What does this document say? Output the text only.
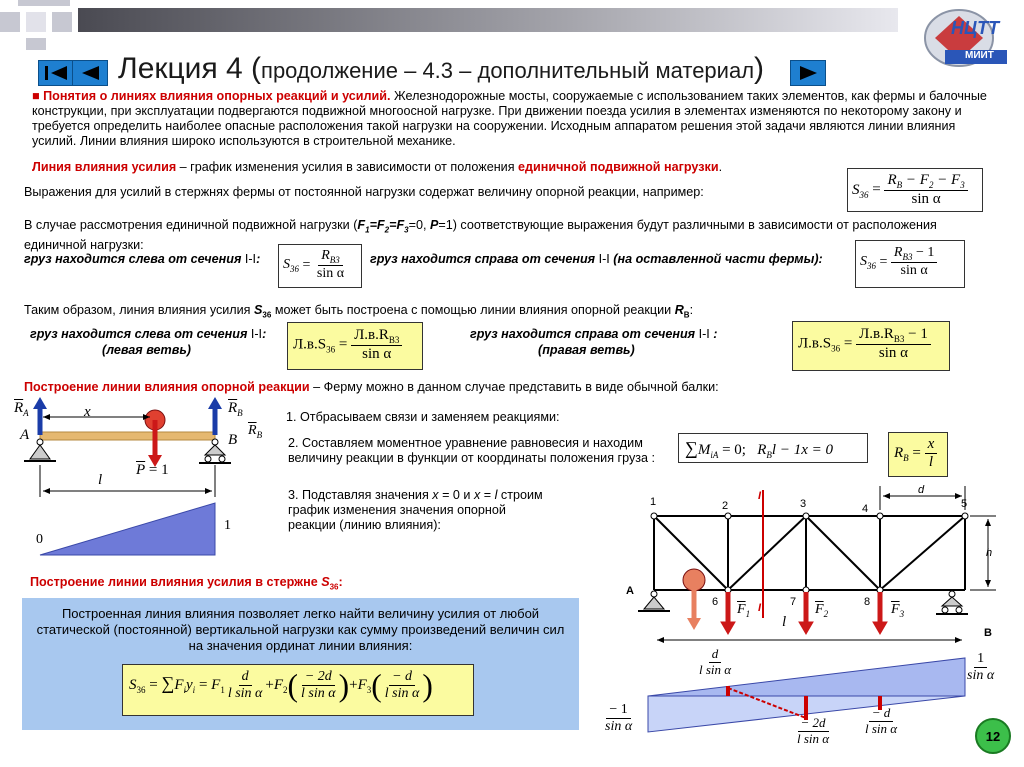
НЦТТ
МИИТ
Лекция 4 (продолжение – 4.3 – дополнительный материал)
■ Понятия о линиях влияния опорных реакций и усилий. Железнодорожные мосты, сооружаемые с использованием таких элементов, как фермы и балочные конструкции, при эксплуатации подвергаются подвижной многоосной нагрузке. При движении поезда усилия в элементах изменяются по некоторому закону и требуется определить наиболее опасные расположения такой нагрузки на сооружении. Исходным аппаратом решения этой задачи являются линии влияния усилий. Линии влияния широко используются в строительной механике.
Линия влияния усилия – график изменения усилия в зависимости от положения единичной подвижной нагрузки.
Выражения для усилий в стержнях фермы от постоянной нагрузки содержат величину опорной реакции, например:	$S_{36} = \frac{R_B - F_2 - F_3}{\text{sin α}}$
В случае рассмотрения единичной подвижной нагрузки ($F_1=F_2=F_3=0$, P=1) соответствующие выражения будут различными в зависимости от расположения единичной нагрузки:
груз находится слева от сечения I-I:	$S_{36} = \frac{R_{B3}}{\text{sin α}}$ груз находится справа от сечения I-I (на оставленной части фермы):	$S_{36} = \frac{R_{B3} - 1}{\text{sin α}}$
Таким образом, линия влияния усилия $S_{36}$ может быть построена с помощью линии влияния опорной реакции $R_B$:
груз находится слева от сечения I-I:
(левая ветвь)	$Л.в.S_{36} = \frac{Л.в.R_{B3}}{\text{sin α}}$	груз находится справа от сечения I-I :
(правая ветвь)	$Л.в.S_{36} = \frac{Л.в.R_{B3} - 1}{\text{sin α}}$
Построение линии влияния опорной реакции – Ферму можно в данном случае представить в виде обычной балки:
$\overline{R}_A$
A
x	$\overline{R}_B$
B
$\overline{R}_B$
$\overline{P} = 1$
l
0
1
1. Отбрасываем связи и заменяем реакциями:
2. Составляем моментное уравнение равновесия и находим величину реакции в функции от координаты положения груза :	$\sum M_{iA} = 0$; $R_Bl - 1x = 0$	$R_B = \frac{x}{l}$
3. Подставляя значения x = 0 и x = l строим график изменения значения опорной реакции (линию влияния):
1	2	3	4	5
6	7	8
I
I
d
h
A
B
l
$\overline{F}_1$	$\overline{F}_2$	$\overline{F}_3$
$\frac{d}{\text{l sin α}}$	$\frac{1}{\text{sin α}}$
$\frac{- 1}{\text{sin α}}$	$\frac{- 2d}{\text{l sin α}} \frac{- d}{\text{l sin α}}$
Построение линии влияния усилия в стержне $S_{36}$:
Построенная линия влияния позволяет легко найти величину усилия от любой статической (постоянной) вертикальной нагрузки как сумму произведений величин сил на значения ординат линии влияния:
$S_{36} = \sum F_iy_i = F_1 \frac{d}{\text{l sin α}} +F_2( \frac{- 2d}{\text{l sin α}} )+F_3( \frac{- d}{\text{l sin α}}$ )
12
